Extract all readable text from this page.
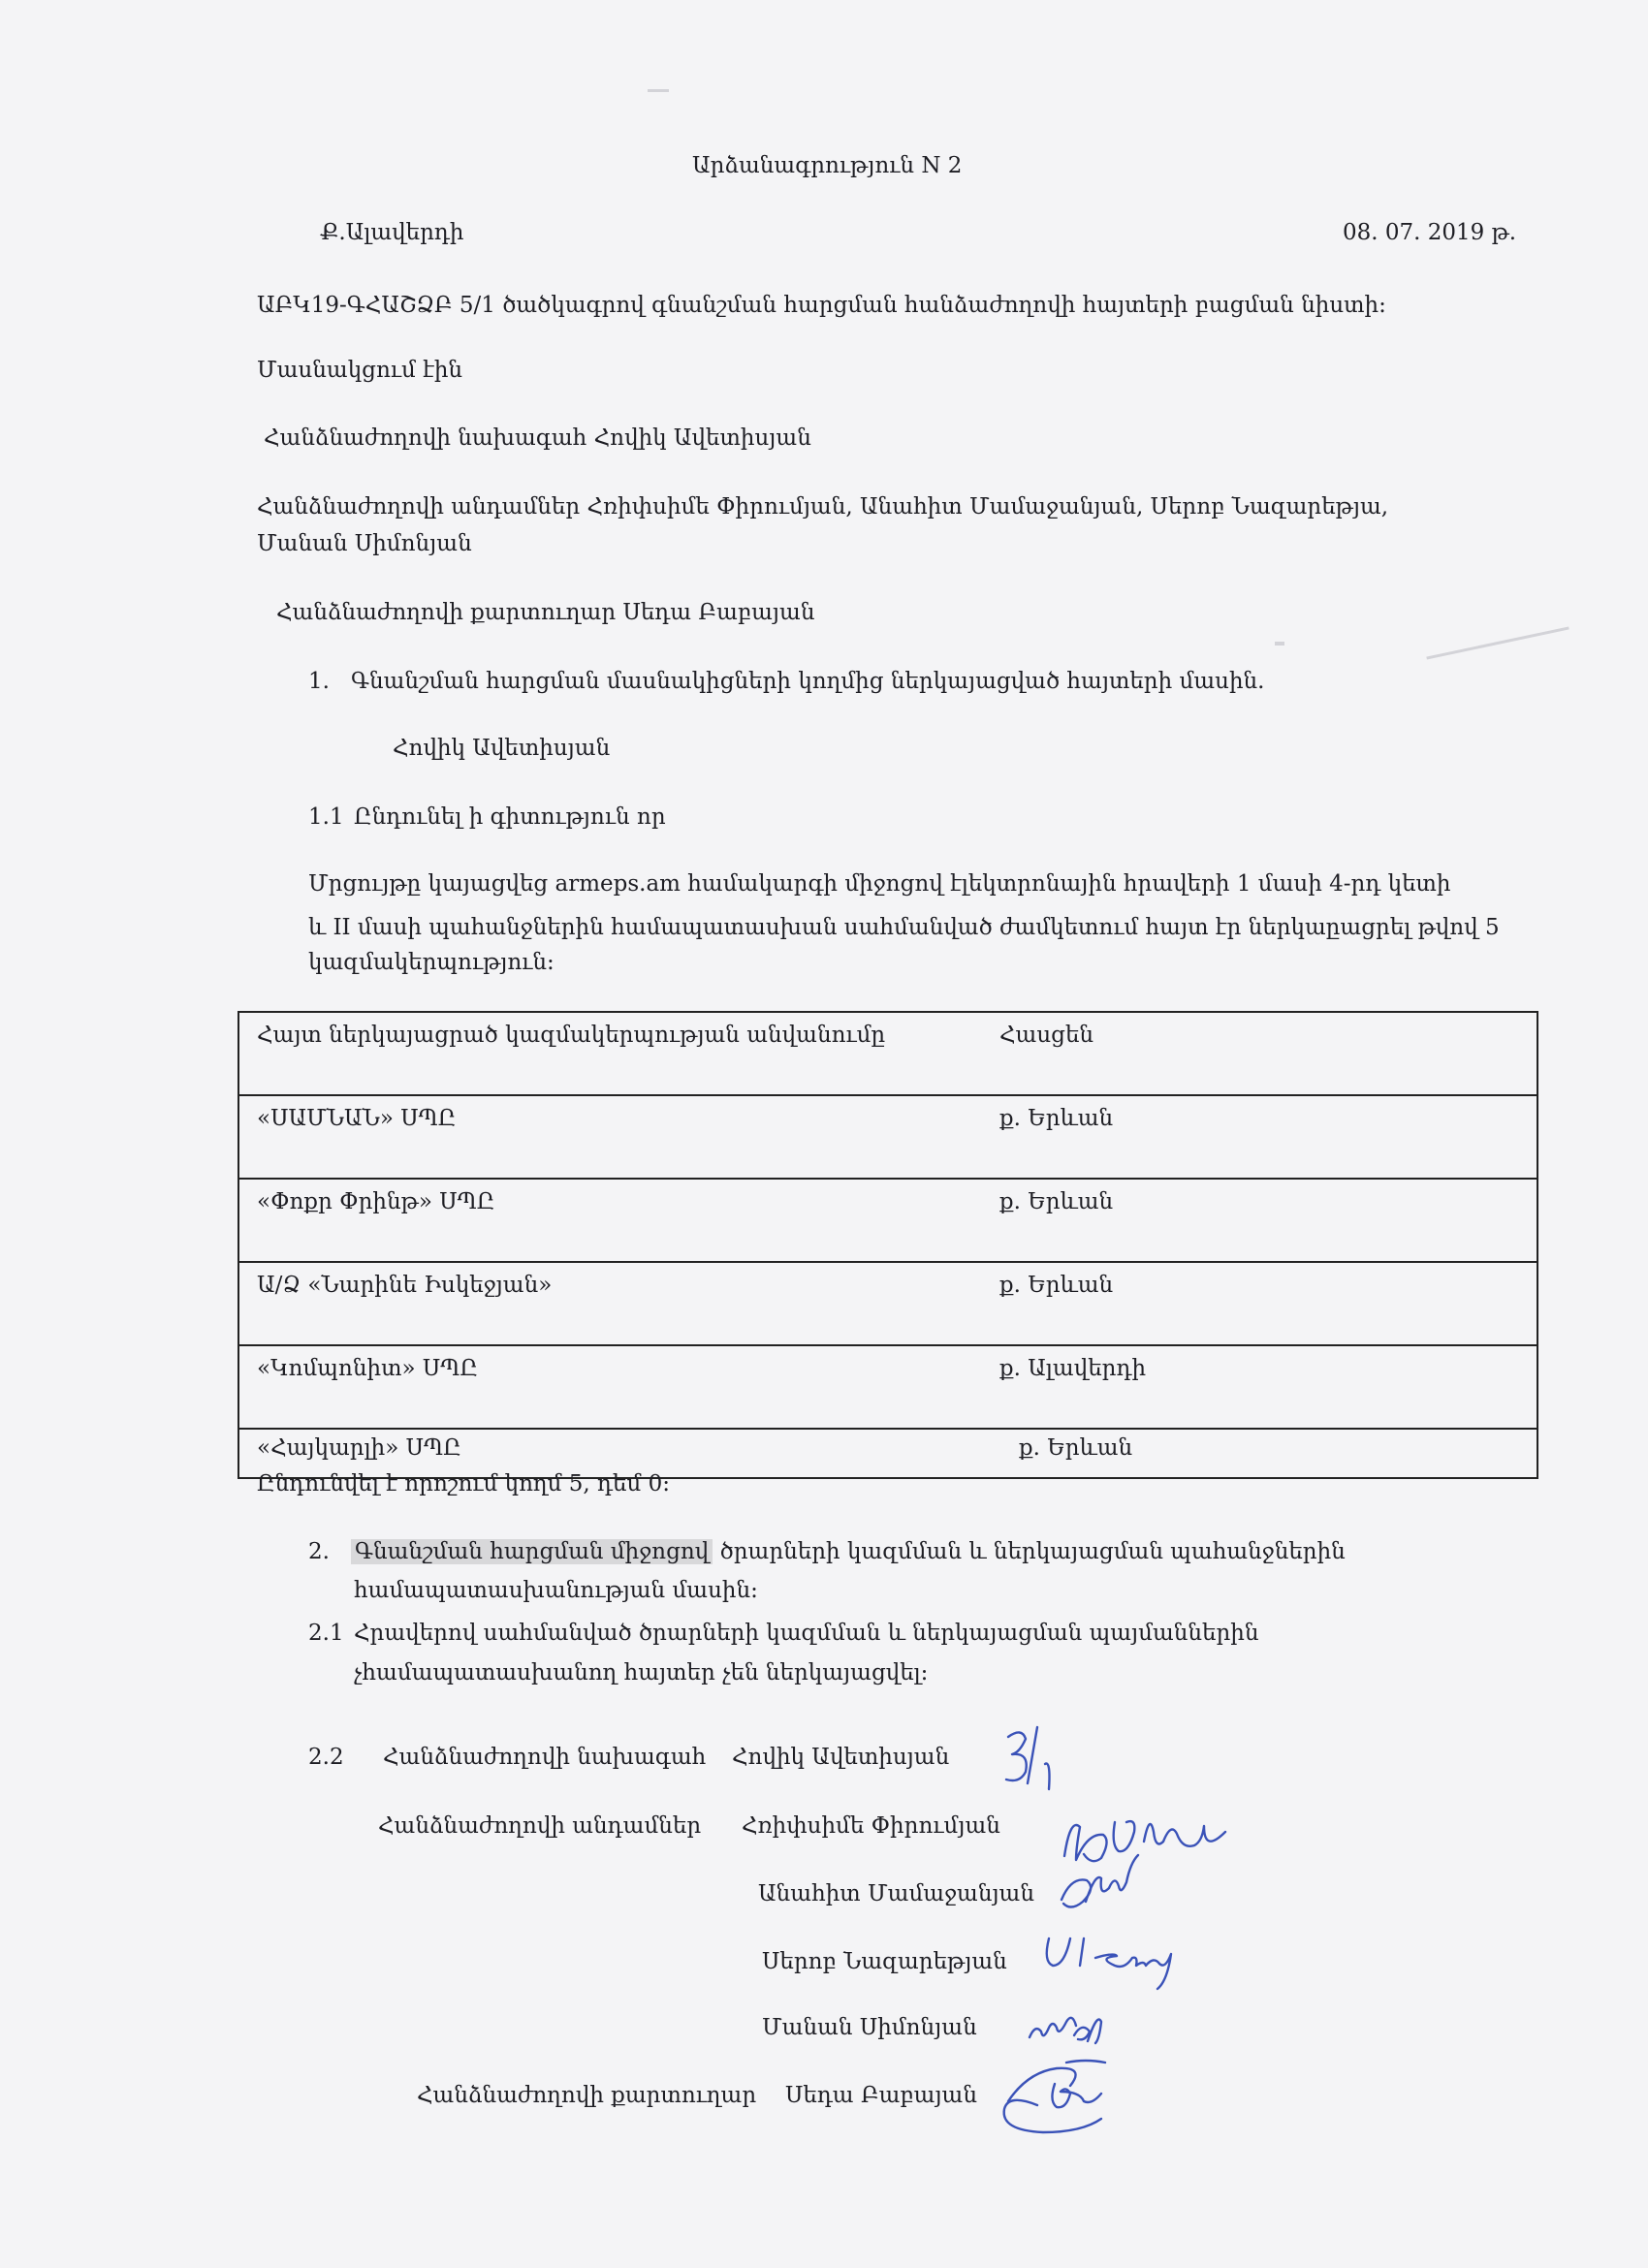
Արձանագրություն N 2
Ք.Ալավերդի	08. 07. 2019 թ.
ԱԲԿ19-ԳՀԱՇՁԲ 5/1 ծածկագրով գնանշման հարցման հանձաժողովի հայտերի բացման նիստի:
Մասնակցում էին
Հանձնաժողովի նախագահ Հովիկ Ավետիսյան
Հանձնաժողովի անդամներ Հռիփսիմե Փիրումյան, Անահիտ Մամաջանյան, Սերոբ Նազարեթյա,
Մանան Սիմոնյան
Հանձնաժողովի քարտուղար Սեդա Բաբայան
1. Գնանշման հարցման մասնակիցների կողմից ներկայացված հայտերի մասին.
Հովիկ Ավետիսյան
1.1 Ընդունել ի գիտություն որ
Մրցույթը կայացվեց armeps.am համակարգի միջոցով էլեկտրոնային հրավերի 1 մասի 4-րդ կետի
և II մասի պահանջներին համապատասխան սահմանված ժամկետում հայտ էր ներկաըացրել թվով 5
կազմակերպություն:
Հայտ ներկայացրած կազմակերպության անվանումը	Հասցեն
«ՍԱՄՆԱՆ» ՍՊԸ	ք. Երևան
«Փոքր Փրինթ» ՍՊԸ	ք. Երևան
Ա/Ձ «Նարինե Իսկեջյան»	ք. Երևան
«Կոմպոնիտ» ՍՊԸ	ք. Ալավերդի
«Հայկարլի» ՍՊԸ	ք. Երևան
Ընդունվել է որոշում կողմ 5, դեմ 0:
2. Գնանշման հարցման միջոցով ծրարների կազմման և ներկայացման պահանջներին
համապատասխանության մասին:
2.1 Հրավերով սահմանված ծրարների կազմման և ներկայացման պայմաններին
չհամապատասխանող հայտեր չեն ներկայացվել:
2.2 Հանձնաժողովի նախագահ Հովիկ Ավետիսյան
Հանձնաժողովի անդամներ Հռիփսիմե Փիրումյան
Անահիտ Մամաջանյան
Սերոբ Նազարեթյան
Մանան Սիմոնյան
Հանձնաժողովի քարտուղար Սեդա Բաբայան
